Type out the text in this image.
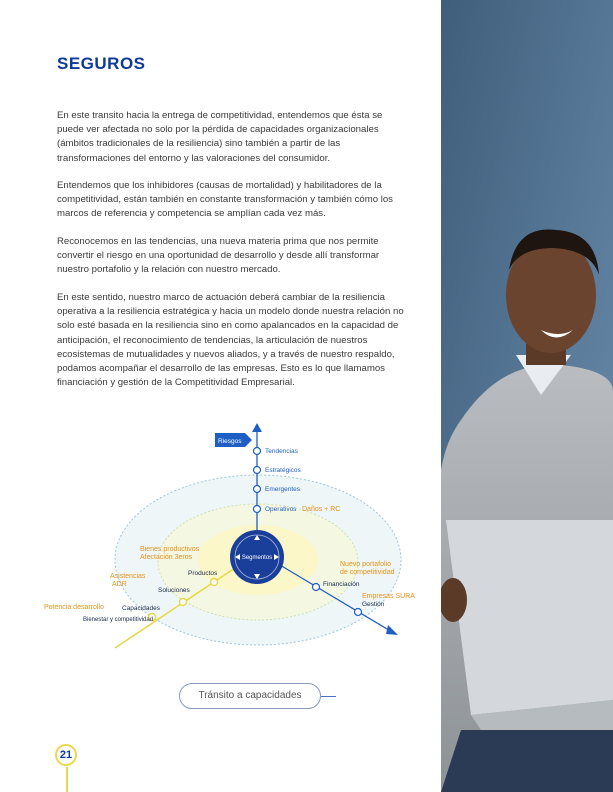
SEGUROS

En este transito hacia la entrega de competitividad, entendemos que ésta se puede ver afectada no solo por la pérdida de capacidades organizacionales (ámbitos tradicionales de la resiliencia) sino también a partir de las transformaciones del entorno y las valoraciones del consumidor.

Entendemos que los inhibidores (causas de mortalidad) y habilitadores de la competitividad, están también en constante transformación y también cómo los marcos de referencia y competencia se amplían cada vez más.

Reconocemos en las tendencias, una nueva materia prima que nos permite convertir el riesgo en una oportunidad de desarrollo y desde allí transformar nuestro portafolio y la relación con nuestro mercado.

En este sentido, nuestro marco de actuación deberá cambiar de la resiliencia operativa a la resiliencia estratégica y hacia un modelo donde nuestra relación no solo esté basada en la resiliencia sino en como apalancados en la capacidad de anticipación, el reconocimiento de tendencias, la articulación de nuestros ecosistemas de mutualidades y nuevos aliados, y a través de nuestro respaldo, podamos acompañar el desarrollo de las empresas. Esto es lo que llamamos financiación y gestión de la Competitividad Empresarial.

Riesgos
Tendencias
Estratégicos
Emergentes
Operativos Daños + RC
Segmentos
Financiación
Gestión
Nuevo portafolio
de competitividad
Empresas SURA
Productos
Soluciones
Capacidades
Bienestar y competitividad
Bienes productivos
Afectación 3eros
Asistencias
ADR
Potencia desarrollo
Tránsito a capacidades
21
